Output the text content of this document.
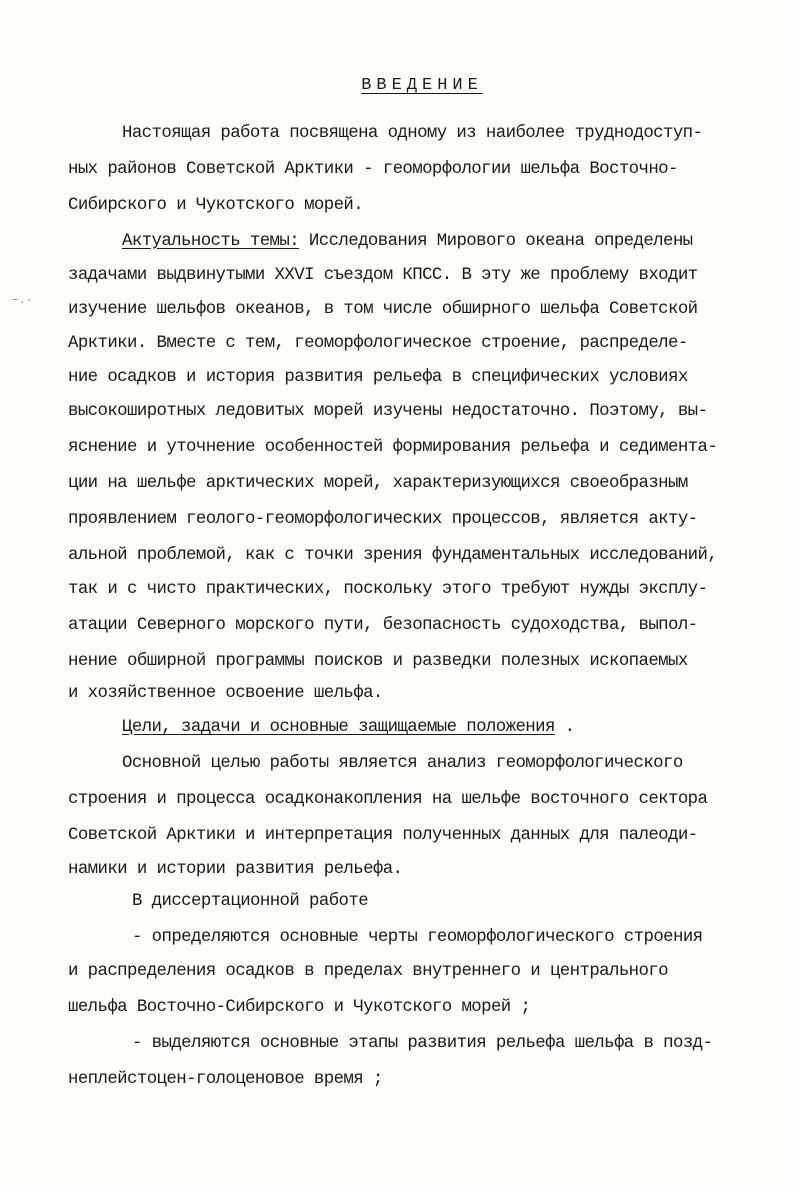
ВВЕДЕНИЕ
~.·
Настоящая работа посвящена одному из наиболее труднодоступ-
ных районов Советской Арктики - геоморфологии шельфа Восточно-
Сибирского и Чукотского морей.
Актуальность темы: Исследования Мирового океана определены
задачами выдвинутыми XXVI съездом КПСС. В эту же проблему входит
изучение шельфов океанов, в том числе обширного шельфа Советской
Арктики. Вместе с тем, геоморфологическое строение, распределе-
ние осадков и история развития рельефа в специфических условиях
высокоширотных ледовитых морей изучены недостаточно. Поэтому, вы-
яснение и уточнение особенностей формирования рельефа и седимента-
ции на шельфе арктических морей, характеризующихся своеобразным
проявлением геолого-геоморфологических процессов, является акту-
альной проблемой, как с точки зрения фундаментальных исследований,
так и с чисто практических, поскольку этого требуют нужды эксплу-
атации Северного морского пути, безопасность судоходства, выпол-
нение обширной программы поисков и разведки полезных ископаемых
и хозяйственное освоение шельфа.
Цели, задачи и основные защищаемые положения .
Основной целью работы является анализ геоморфологического
строения и процесса осадконакопления на шельфе восточного сектора
Советской Арктики и интерпретация полученных данных для палеоди-
намики и истории развития рельефа.
В диссертационной работе
- определяются основные черты геоморфологического строения
и распределения осадков в пределах внутреннего и центрального
шельфа Восточно-Сибирского и Чукотского морей ;
- выделяются основные этапы развития рельефа шельфа в позд-
неплейстоцен-голоценовое время ;
